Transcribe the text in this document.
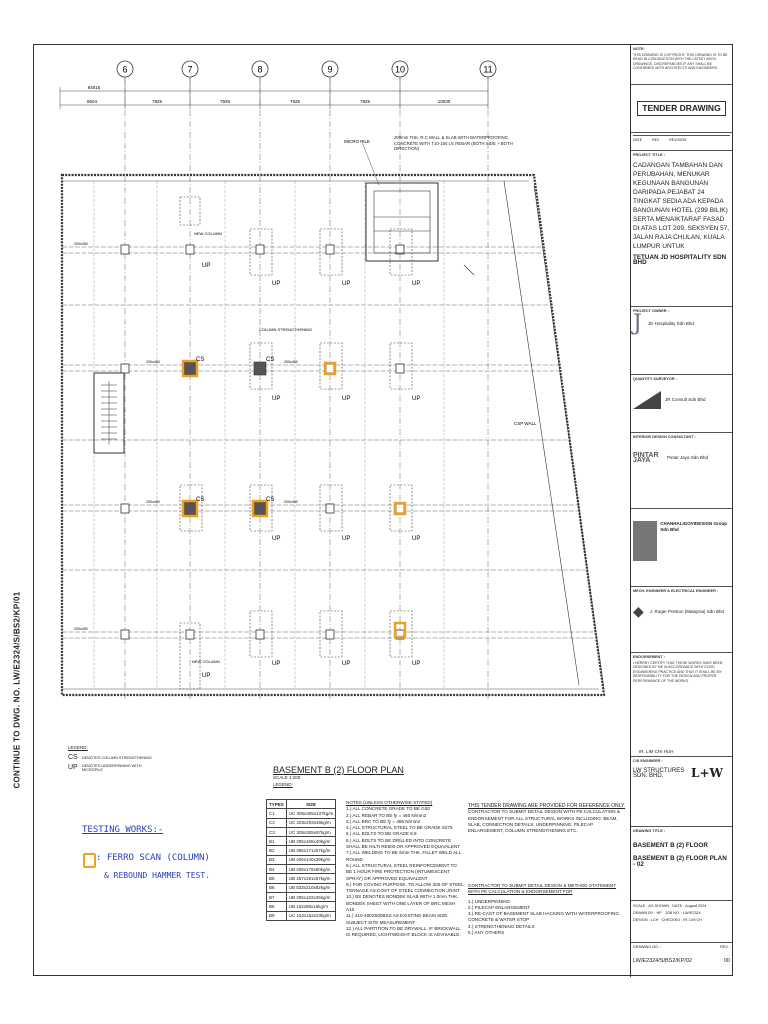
CONTINUE TO DWG. NO. LW/E2324/S/BS2/KP/01
6	7	8	9	10	11
84015
8504	7925	7925	7925	7925	10030
MICRO PILE
200mm THK. R.C WALL & SLAB WITH WATERPROOFING CONCRETE WITH T10-150 c/c REBAR (BOTH SIDE + BOTH DIRECTION)
NEW COLUMN
COLUMN STRENGTHENING
NEW COLUMN
CSP WALL
CS	CS
CS	CS
UP
UP	UP	UP
UP	UP	UP
UP	UP	UP
UP	UP	UP
UP
200x450
200x450
200x450
200x450
200x450
200x450
LEGEND:
CS	DENOTES COLUMN STRENGTHENING
UP	DENOTES UNDERPINNING WITH MICROPILE	BASEMENT B (2) FLOOR PLAN
SCALE 1:200
LEGEND:
TYPES	SIZE
C1	UC 305x305x137kg/m
C2	UC 203x203x46kg/m
C3	UC 305x305x97kg/m
B1	UB 305x165x40kg/m
B2	UB 356x171x57kg/m
B3	UB 406x140x39kg/m
B4	UB 406x178x60kg/m
B5	UB 457x191x67kg/m
B6	UB 533x210x82kg/m
B7	UB 305x102x25kg/m
B8	UB 152x89x16kg/m
B9	UC 152x152x23kg/m

NOTES (UNLESS OTHERWISE STATED)

1.) ALL CONCRETE GRADE TO BE G30

2.) ALL REBAR TO BE fy = 460 N/mm2

3.) ALL BRC TO BE fy = 485 N/mm2

4.) ALL STRUCTURAL STEEL TO BE GRADE S275

5.) ALL BOLTS TO BE GRADE 8.8

6.) ALL BOLTS TO BE DRILLED INTO CONCRETE SHALL BE HILTI RE500 OR APPROVED EQUIVALENT

7.) ALL WELDING TO BE 6mm THK. FILLET WELD ALL ROUND

8.) ALL STRUCTURAL STEEL REINFORCEMENT TO BE 1 HOUR FIRE PROTECTION (INTUMESCENT SPRAY) OR APPROVED EQUIVALENT

9.) FOR COVING PURPOSE, TO ALLOW 300 OF STEEL TONNAGE AS COST OF STEEL CONNECTION JOINT

10.) BS DENOTES BONDEK SLAB WITH 1.0mm THK. BONDEK SHEET WITH ONE LAYER OF BRC MESH A10

11.) 210-480X500BSS AS EXISTING BEAM SIZE. SUBJECT SITE MEASUREMENT

12.) ALL PARTITION TO BE DRYWALL. IF BRICKWALL IS REQUIRED, LIGHTWEIGHT BLOCK IS ADVISABLE.

THIS TENDER DRAWING ARE PROVIDED FOR REFERENCE ONLY.

CONTRACTOR TO SUBMIT DETAIL DESIGN WITH PE CALCULATION & ENDORSEMENT FOR ALL STRUCTURAL WORKS INCLUDING: BEAM, SLAB, CONNECTION DETAILS, UNDERPINNING, PILECAP ENLARGEMENT, COLUMN STRENGTHENING ETC.

CONTRACTOR TO SUBMIT DETAIL DESIGN & METHOD STATEMENT WITH PE CALCULATION & ENDORSEMENT FOR

1.) UNDERPINNING

2.) PILECAP ENLARGEMENT

3.) RE-CAST OF BASEMENT SLAB HACKING WITH WATERPROOFING CONCRETE & WATER STOP

4.) STRENGTHENING DETAILS

5.) ANY OTHERS

TESTING WORKS:-
: FERRO SCAN (COLUMN)
& REBOUND HAMMER TEST.
NOTE:
THIS DRAWING IS COPYRIGHT. THIS DRAWING IS TO BE READ IN CONJUNCTION WITH THE LATEST ARCH. DRAWINGS. DISCREPANCIES IF ANY SHALL BE CONFIRMED WITH ARCHITECTS AND ENGINEERS.
TENDER DRAWING
DATE	REV	REVISION
PROJECT TITLE :
CADANGAN TAMBAHAN DAN PERUBAHAN, MENUKAR KEGUNAAN BANGUNAN DARIPADA PEJABAT 24 TINGKAT SEDIA ADA KEPADA BANGUNAN HOTEL (299 BILIK) SERTA MENAIKTARAF FASAD DI ATAS LOT 209, SEKSYEN 57, JALAN RAJA CHULAN, KUALA LUMPUR UNTUK
TETUAN JD HOSPITALITY SDN BHD
PROJECT OWNER :
J JD Hospitality Sdn Bhd
QUANTITY SURVEYOR :
JR Consult Sdn Bhd
INTERIOR DESIGN CONSULTANT :
PINTAR JAYA	Pintar Jaya Sdn Bhd
CHANHALIGOVIDESIGN Group Sdn Bhd
MECH. ENGINEER & ELECTRICAL ENGINEER :
◆ J. Roger Preston (Malaysia) Sdn Bhd
ENDORSEMENT :
I HEREBY CERTIFY THAT THESE WORKS HAVE BEEN DESIGNED BY ME IN ACCORDANCE WITH GOOD ENGINEERING PRACTICE AND THAT IT SHALL BE MY RESPONSIBILITY FOR THE DESIGN AND PROPER PERFORMANCE OF THE WORKS.
IR. LIM CHI HUH
C/S ENGINEER :
LW STRUCTURES SDN. BHD.	L+W
DRAWING TITLE :
BASEMENT B (2) FLOOR
BASEMENT B (2) FLOOR PLAN - 02
SCALE : AS SHOWN DATE : August 2024
DRAWN BY : HP JOB NO. : LW/E2324
DESIGN : LCH CHECKED : IR. LIM CH
DRAWING NO. :	REV :
LW/E2324/S/BS2/KP/02	00
